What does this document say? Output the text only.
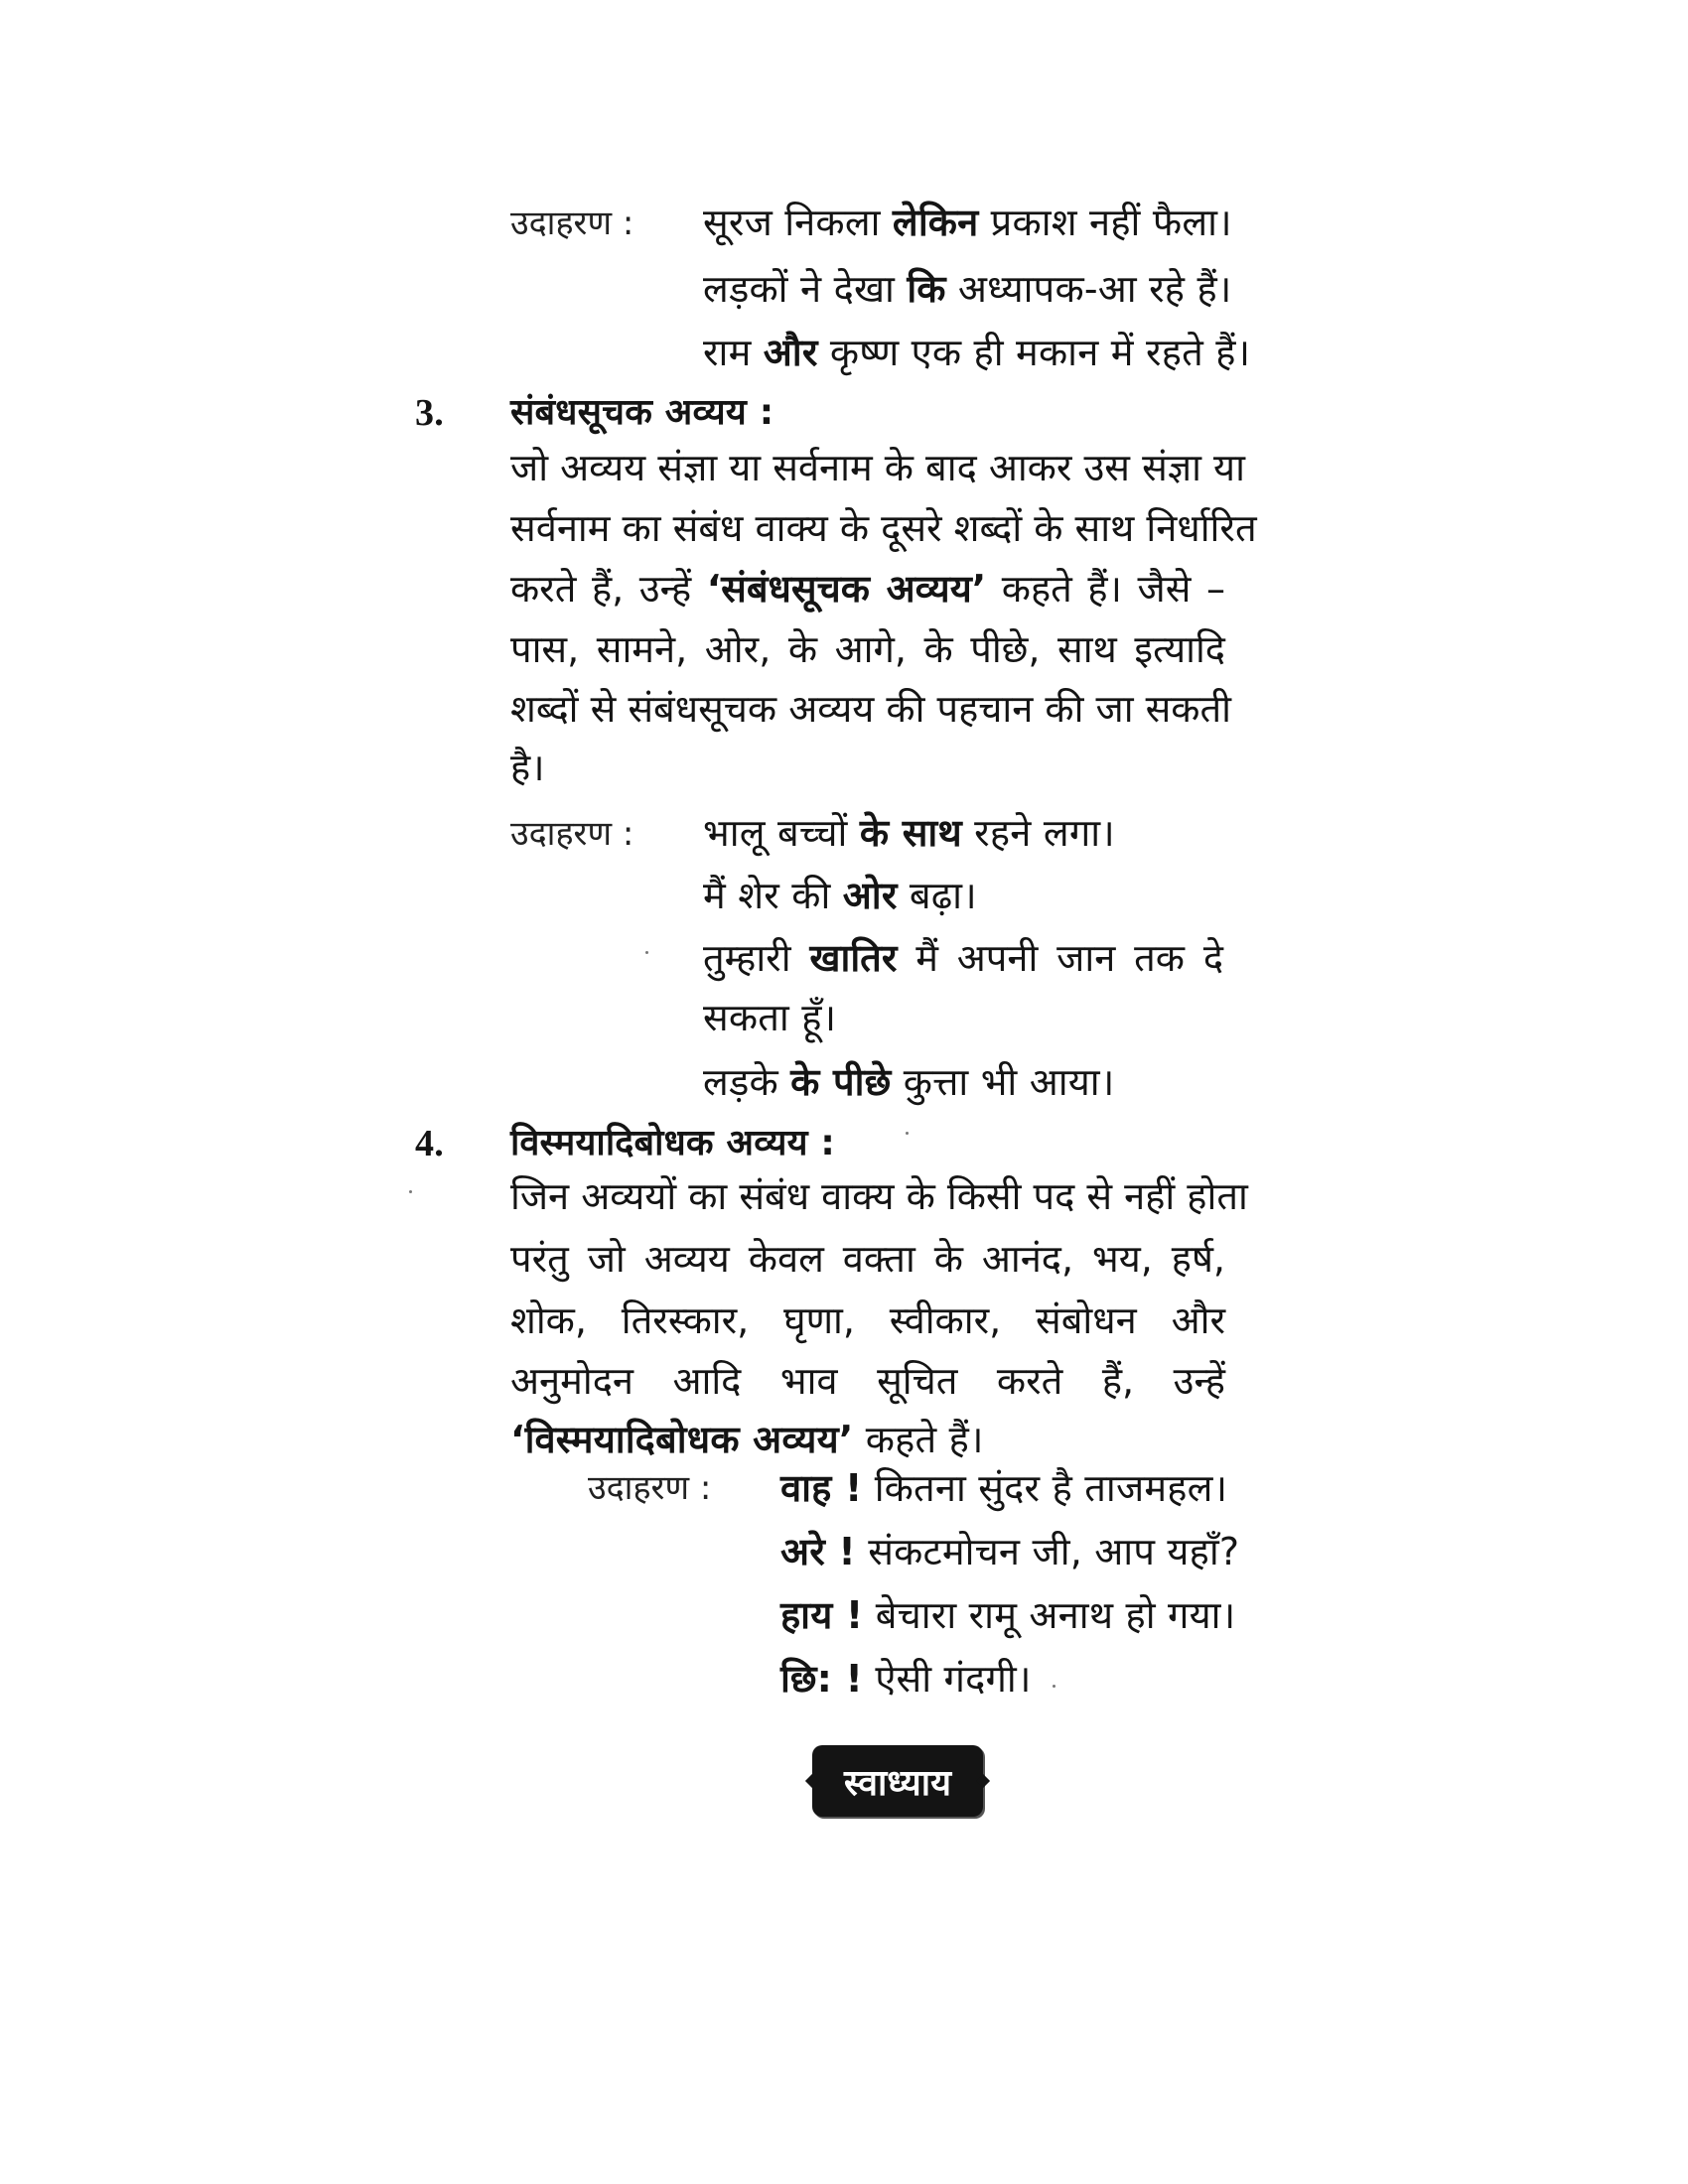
उदाहरण : सूरज निकला लेकिन प्रकाश नहीं फैला।
लड़कों ने देखा कि अध्यापक-आ रहे हैं।
राम और कृष्ण एक ही मकान में रहते हैं।
3. संबंधसूचक अव्यय :
जो अव्यय संज्ञा या सर्वनाम के बाद आकर उस संज्ञा या
सर्वनाम का संबंध वाक्य के दूसरे शब्दों के साथ निर्धारित
करते हैं, उन्हें ‘संबंधसूचक अव्यय’ कहते हैं। जैसे –
पास, सामने, ओर, के आगे, के पीछे, साथ इत्यादि
शब्दों से संबंधसूचक अव्यय की पहचान की जा सकती
है।
उदाहरण : भालू बच्चों के साथ रहने लगा।
मैं शेर की ओर बढ़ा।
तुम्हारी खातिर मैं अपनी जान तक दे
सकता हूँ।
लड़के के पीछे कुत्ता भी आया।
4. विस्मयादिबोधक अव्यय :
जिन अव्ययों का संबंध वाक्य के किसी पद से नहीं होता
परंतु जो अव्यय केवल वक्ता के आनंद, भय, हर्ष,
शोक, तिरस्कार, घृणा, स्वीकार, संबोधन और
अनुमोदन आदि भाव सूचित करते हैं, उन्हें
‘विस्मयादिबोधक अव्यय’ कहते हैं।
उदाहरण : वाह ! कितना सुंदर है ताजमहल।
अरे ! संकटमोचन जी, आप यहाँ?
हाय ! बेचारा रामू अनाथ हो गया।
छि: ! ऐसी गंदगी।
स्वाध्याय
